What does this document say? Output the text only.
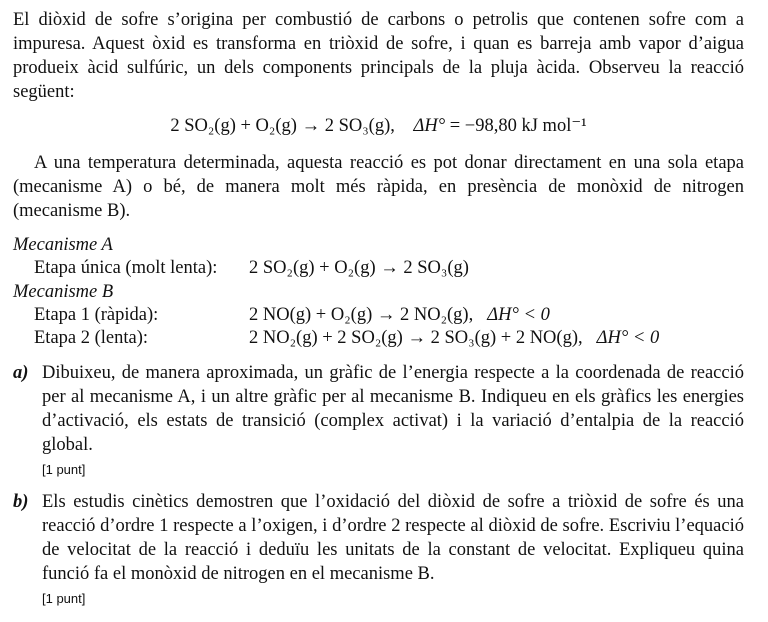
El diòxid de sofre s’origina per combustió de carbons o petrolis que contenen sofre com a impuresa. Aquest òxid es transforma en triòxid de sofre, i quan es barreja amb vapor d’aigua produeix àcid sulfúric, un dels components principals de la pluja àcida. Observeu la reacció següent:

2 SO₂(g) + O₂(g) → 2 SO₃(g), ΔH° = −98,80 kJ mol⁻¹

A una temperatura determinada, aquesta reacció es pot donar directament en una sola etapa (mecanisme A) o bé, de manera molt més ràpida, en presència de monòxid de nitrogen (mecanisme B).

Mecanisme A

Etapa única (molt lenta):	2 SO₂(g) + O₂(g) → 2 SO₃(g)

Mecanisme B

Etapa 1 (ràpida):	2 NO(g) + O₂(g) → 2 NO₂(g), ΔH° < 0
Etapa 2 (lenta):	2 NO₂(g) + 2 SO₂(g) → 2 SO₃(g) + 2 NO(g), ΔH° < 0
a) Dibuixeu, de manera aproximada, un gràfic de l’energia respecte a la coordenada de reacció per al mecanisme A, i un altre gràfic per al mecanisme B. Indiqueu en els gràfics les energies d’activació, els estats de transició (complex activat) i la variació d’entalpia de la reacció global.

[1 punt]

b) Els estudis cinètics demostren que l’oxidació del diòxid de sofre a triòxid de sofre és una reacció d’ordre 1 respecte a l’oxigen, i d’ordre 2 respecte al diòxid de sofre. Escriviu l’equació de velocitat de la reacció i deduïu les unitats de la constant de velocitat. Expliqueu quina funció fa el monòxid de nitrogen en el mecanisme B.

[1 punt]
